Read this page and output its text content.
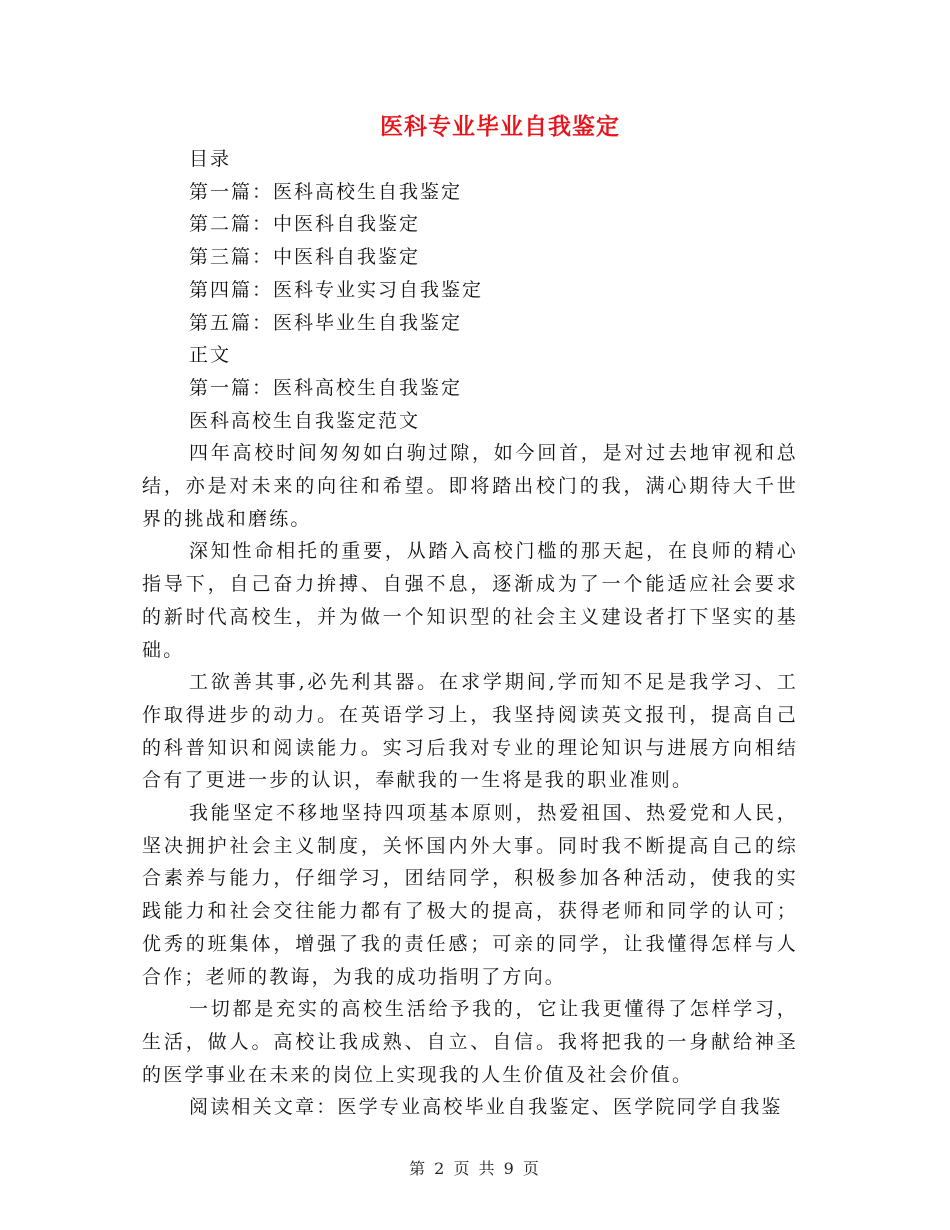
医科专业毕业自我鉴定
目录
第一篇：医科高校生自我鉴定
第二篇：中医科自我鉴定
第三篇：中医科自我鉴定
第四篇：医科专业实习自我鉴定
第五篇：医科毕业生自我鉴定
正文
第一篇：医科高校生自我鉴定
医科高校生自我鉴定范文

四年高校时间匆匆如白驹过隙，如今回首，是对过去地审视和总结，亦是对未来的向往和希望。即将踏出校门的我，满心期待大千世界的挑战和磨练。

深知性命相托的重要，从踏入高校门槛的那天起，在良师的精心指导下，自己奋力拚搏、自强不息，逐渐成为了一个能适应社会要求的新时代高校生，并为做一个知识型的社会主义建设者打下坚实的基础。

工欲善其事,必先利其器。在求学期间,学而知不足是我学习、工作取得进步的动力。在英语学习上，我坚持阅读英文报刊，提高自己的科普知识和阅读能力。实习后我对专业的理论知识与进展方向相结合有了更进一步的认识，奉献我的一生将是我的职业准则。

我能坚定不移地坚持四项基本原则，热爱祖国、热爱党和人民，坚决拥护社会主义制度，关怀国内外大事。同时我不断提高自己的综合素养与能力，仔细学习，团结同学，积极参加各种活动，使我的实践能力和社会交往能力都有了极大的提高，获得老师和同学的认可；优秀的班集体，增强了我的责任感；可亲的同学，让我懂得怎样与人合作；老师的教诲，为我的成功指明了方向。

一切都是充实的高校生活给予我的，它让我更懂得了怎样学习，生活，做人。高校让我成熟、自立、自信。我将把我的一身献给神圣的医学事业在未来的岗位上实现我的人生价值及社会价值。

阅读相关文章：医学专业高校毕业自我鉴定、医学院同学自我鉴

第 2 页 共 9 页
